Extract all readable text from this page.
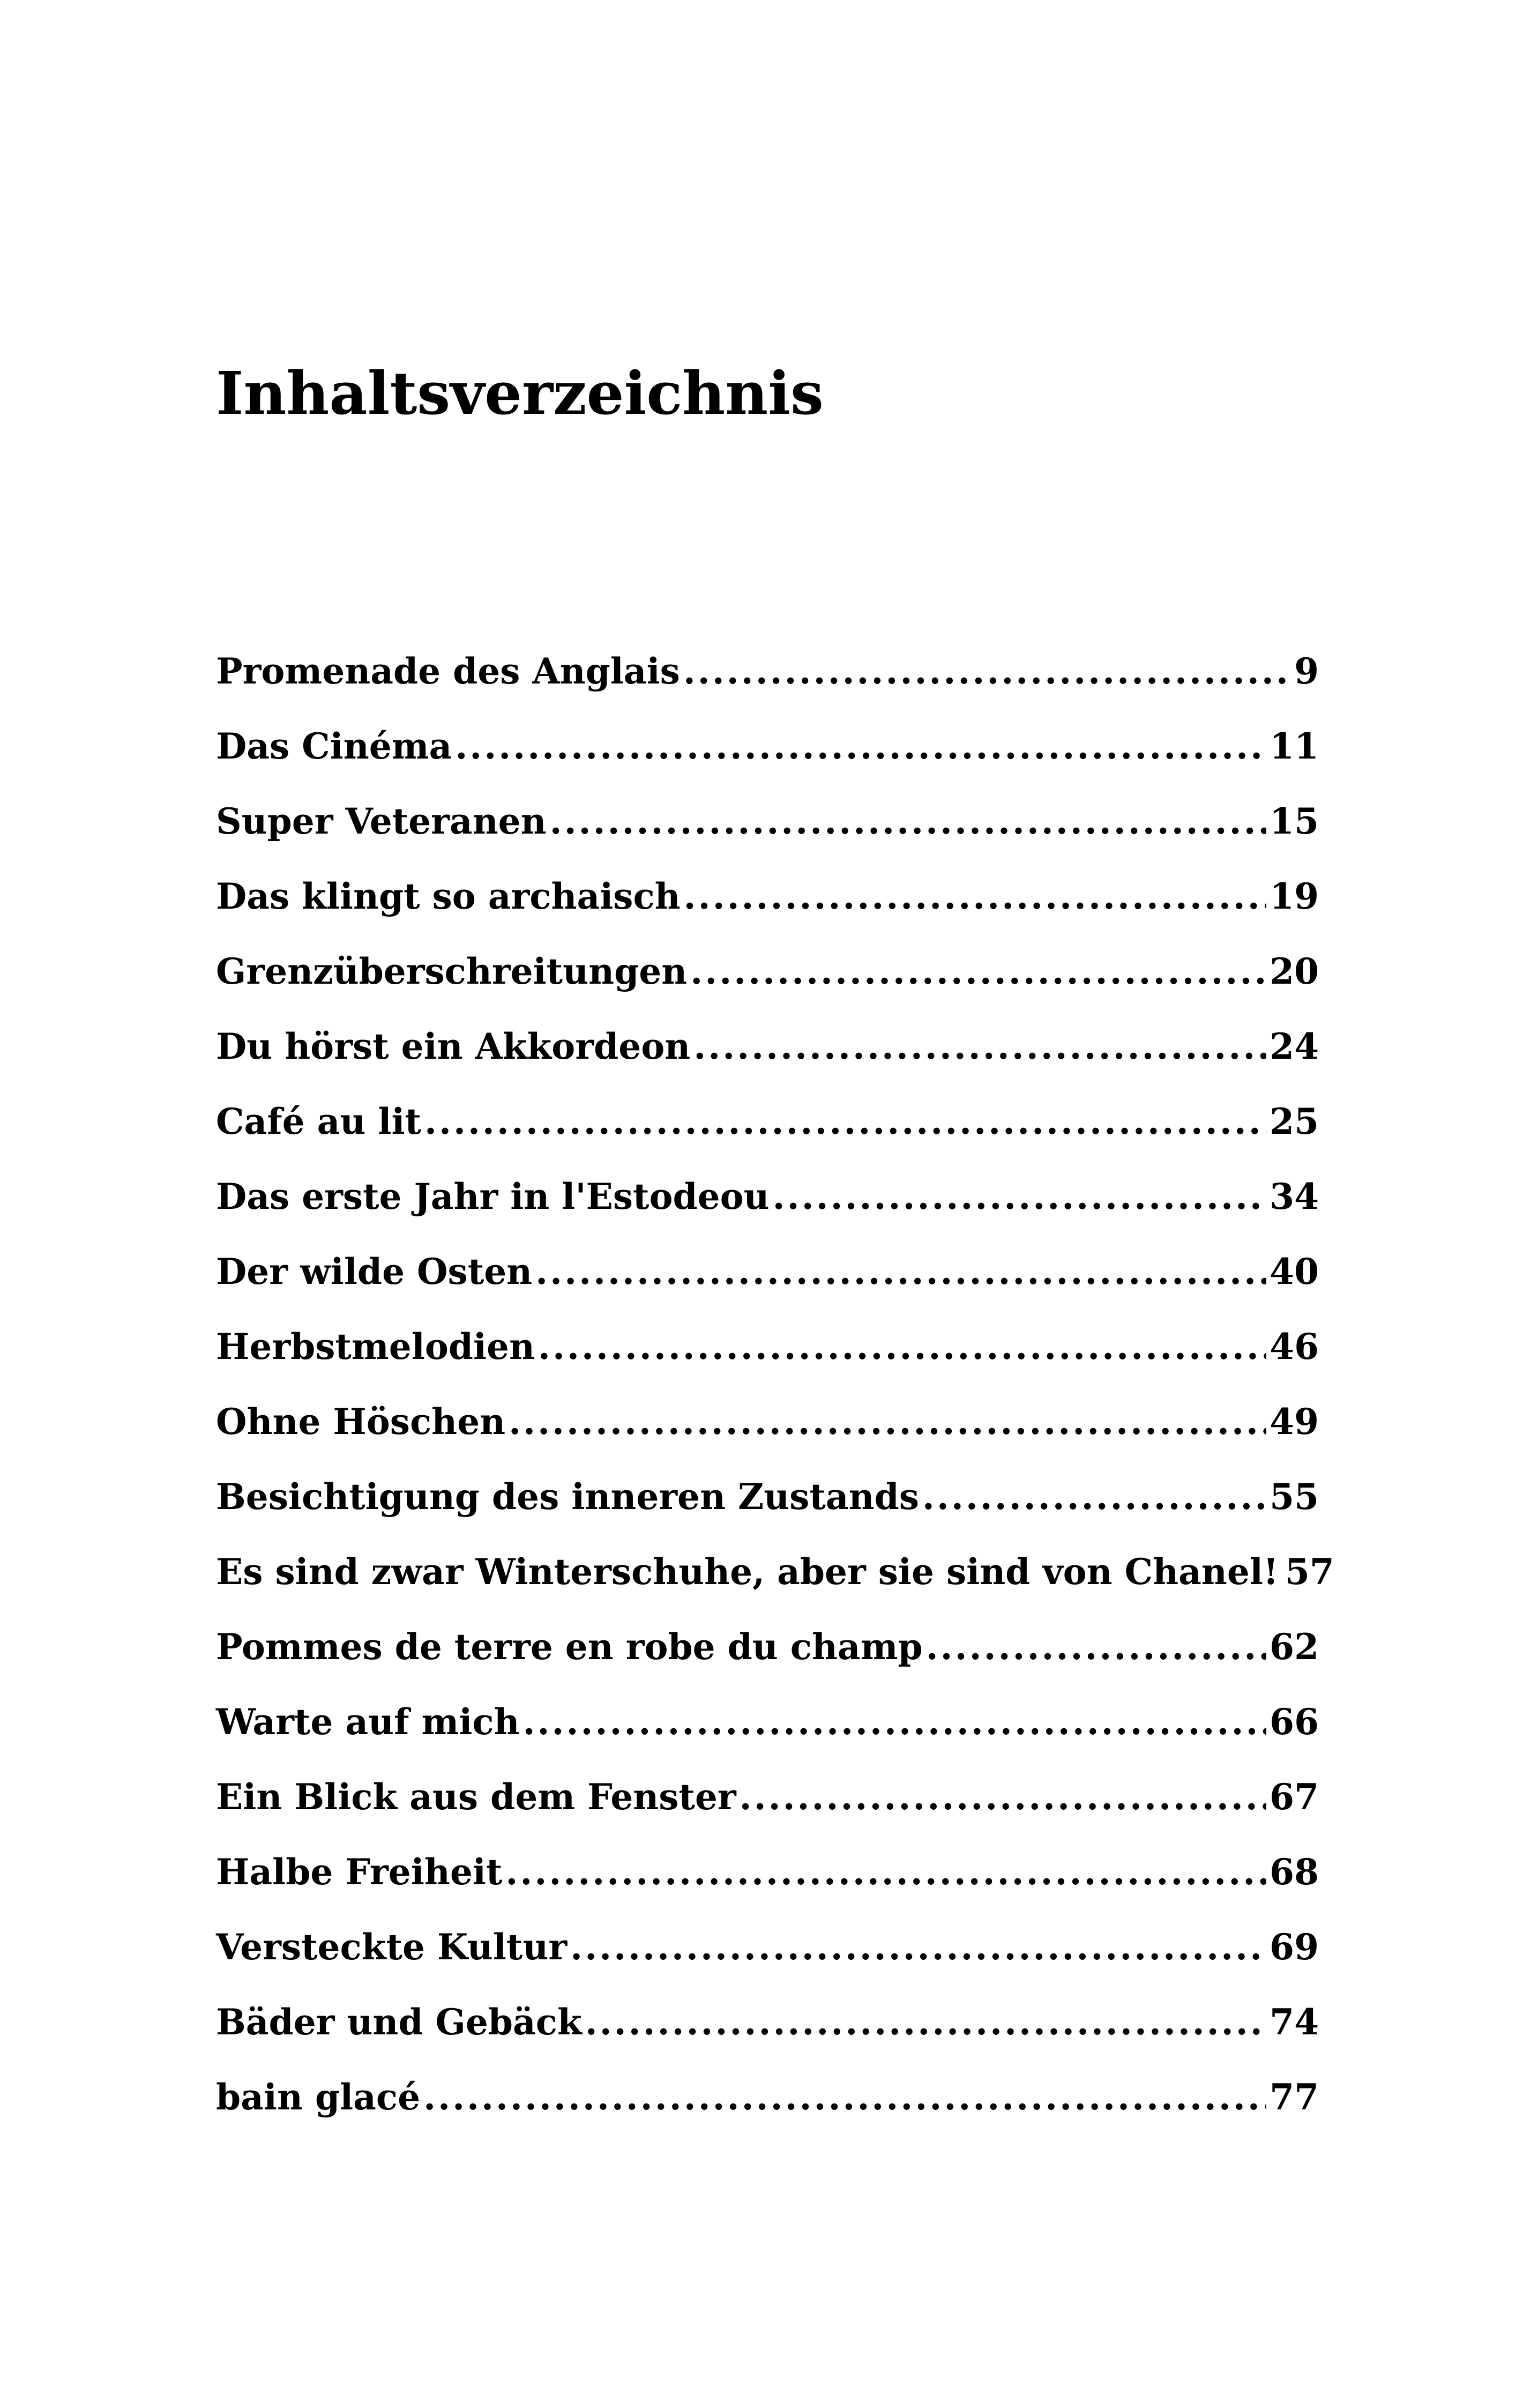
Inhaltsverzeichnis
Promenade des Anglais .....	9
Das Cinéma .....	11
Super Veteranen .....	15
Das klingt so archaisch .....	19
Grenzüberschreitungen .....	20
Du hörst ein Akkordeon .....	24
Café au lit .....	25
Das erste Jahr in l'Estodeou .....	34
Der wilde Osten .....	40
Herbstmelodien .....	46
Ohne Höschen .....	49
Besichtigung des inneren Zustands .....	55
Es sind zwar Winterschuhe, aber sie sind von Chanel! 57
Pommes de terre en robe du champ .....	62
Warte auf mich .....	66
Ein Blick aus dem Fenster .....	67
Halbe Freiheit .....	68
Versteckte Kultur .....	69
Bäder und Gebäck .....	74
bain glacé .....	77
